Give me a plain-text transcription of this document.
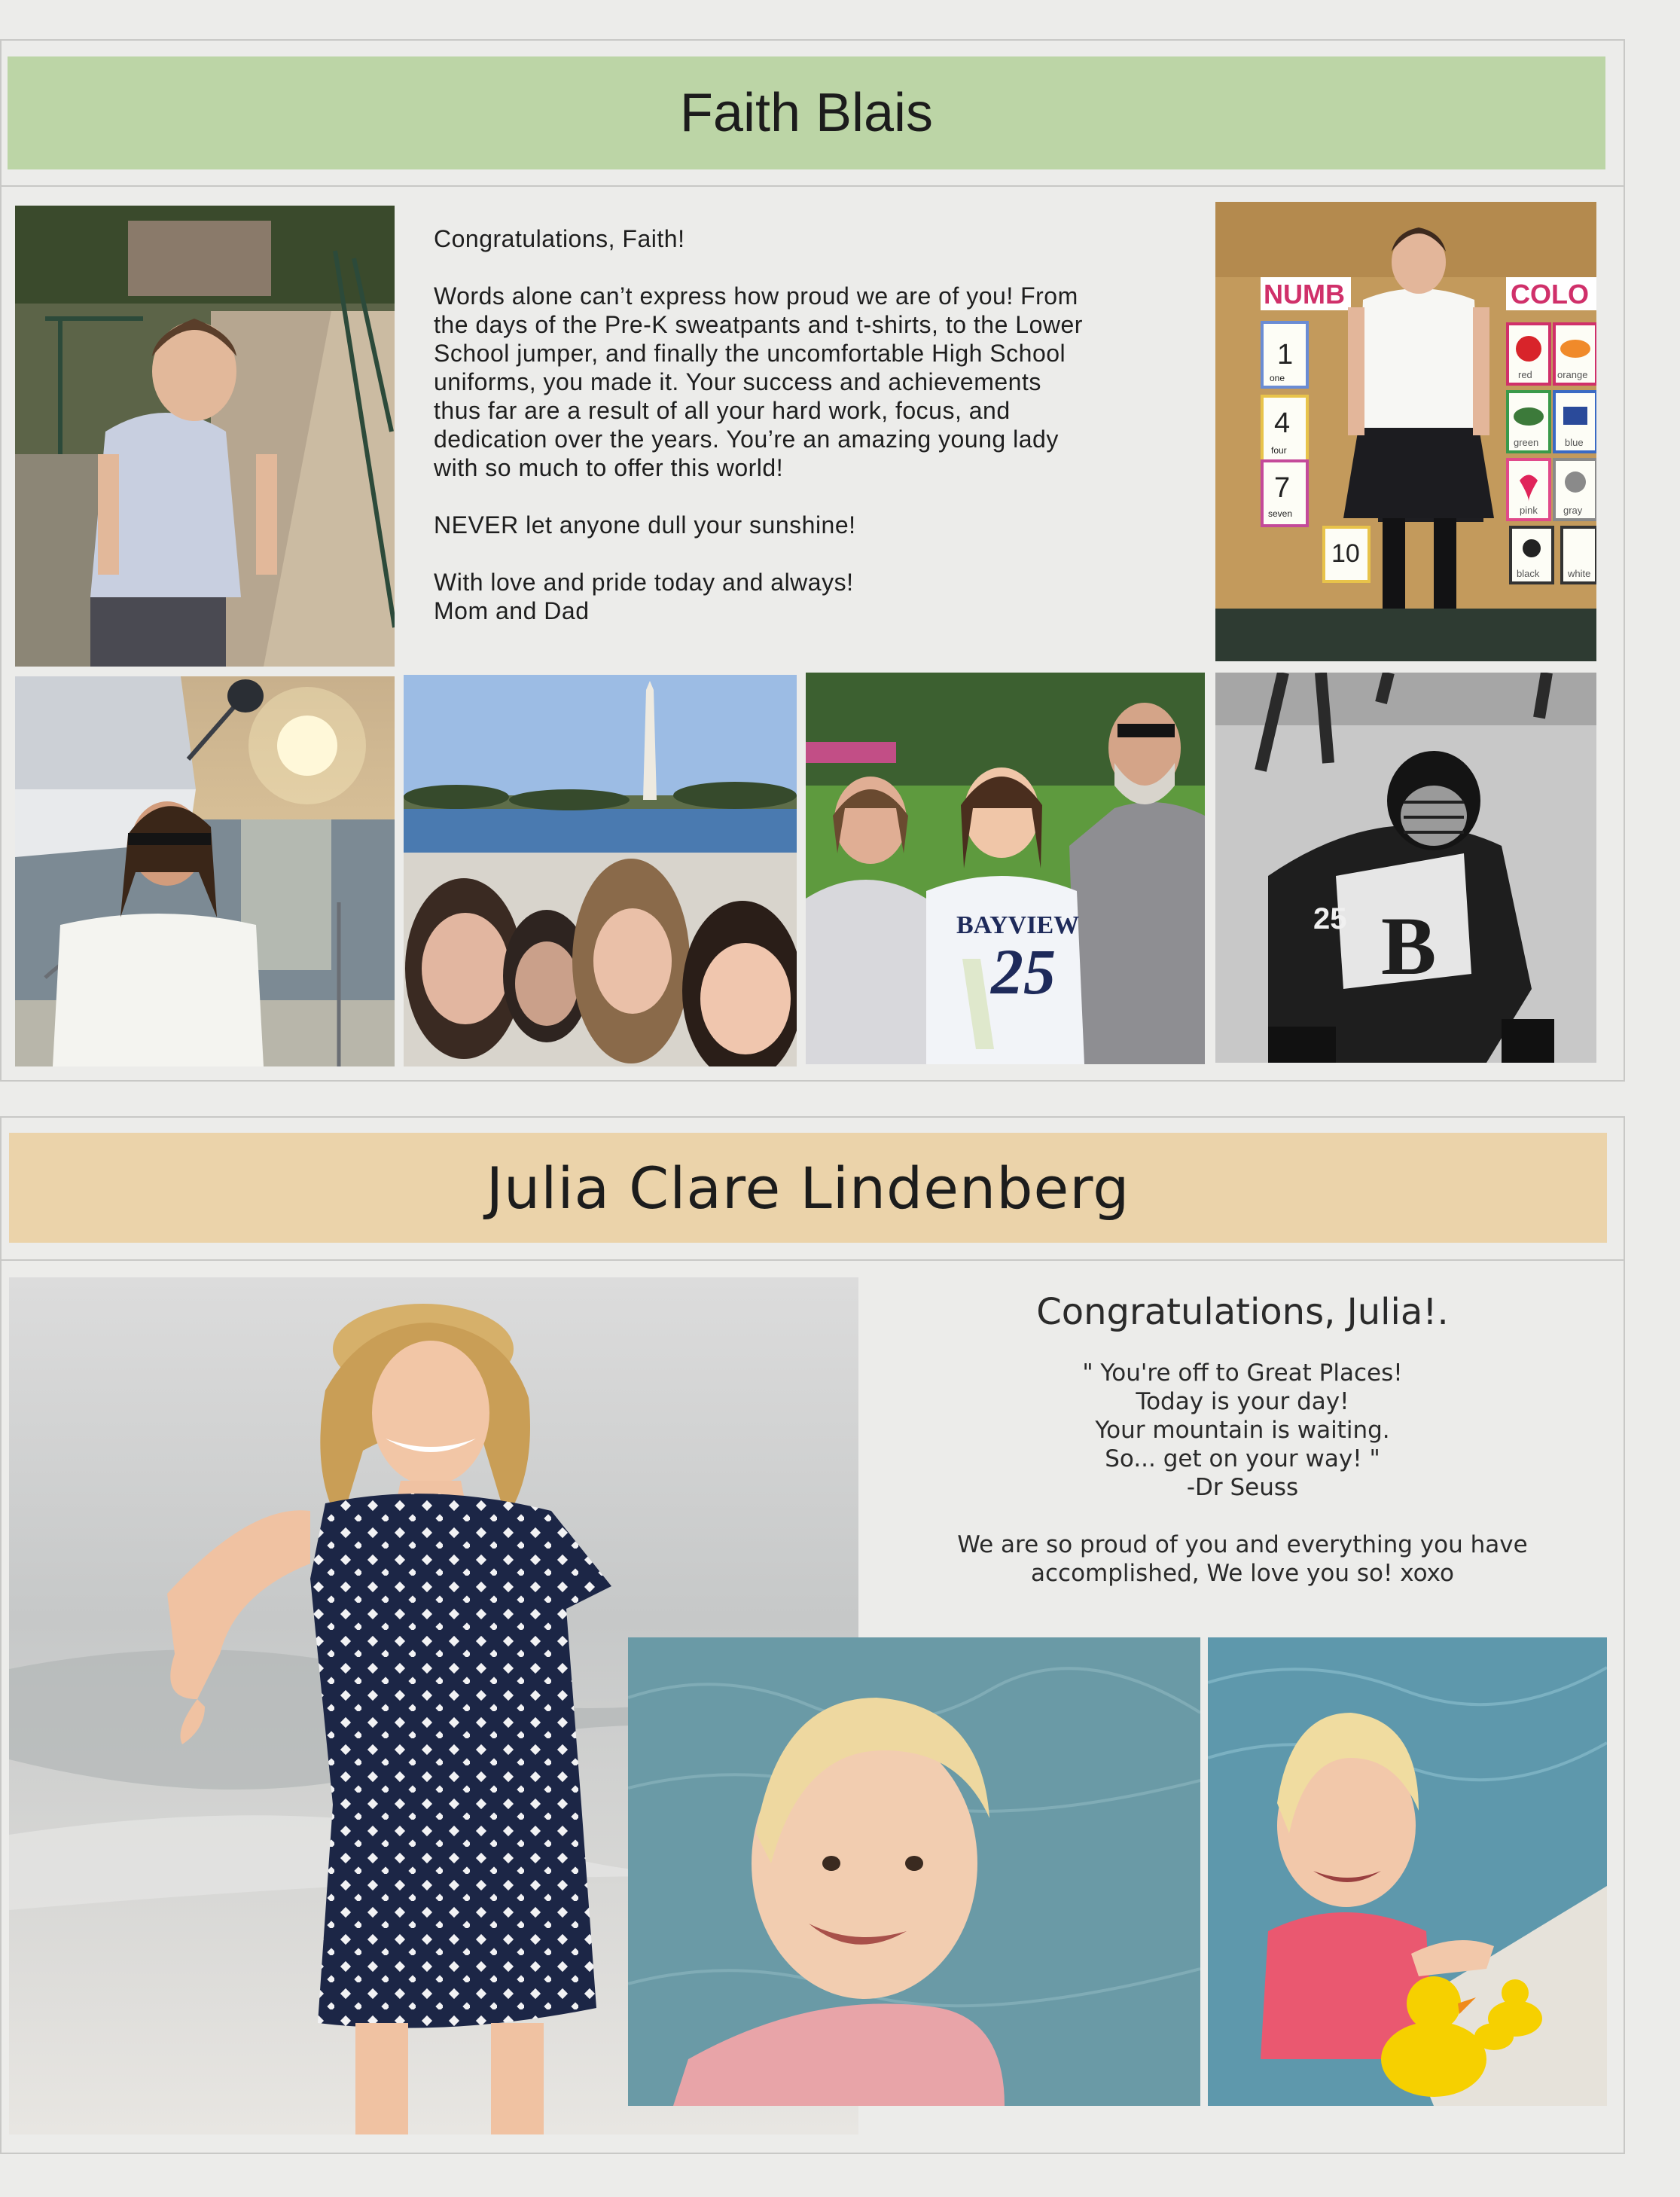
Faith Blais

Congratulations, Faith!

Words alone can’t express how proud we are of you! From
the days of the Pre-K sweatpants and t-shirts, to the Lower
School jumper, and finally the uncomfortable High School
uniforms, you made it. Your success and achievements
thus far are a result of all your hard work, focus, and
dedication over the years. You’re an amazing young lady
with so much to offer this world!

NEVER let anyone dull your sunshine!

With love and pride today and always!

Mom and Dad

NUMB	COLO
1
one
4
four
7
seven
10
red	orange
green	blue
pink	gray
black	white
BAYVIEW
25
25 B
Julia Clare Lindenberg
Congratulations, Julia!.
" You're off to Great Places!
Today is your day!
Your mountain is waiting.
So... get on your way! "
-Dr Seuss
We are so proud of you and everything you have
accomplished, We love you so! xoxo
